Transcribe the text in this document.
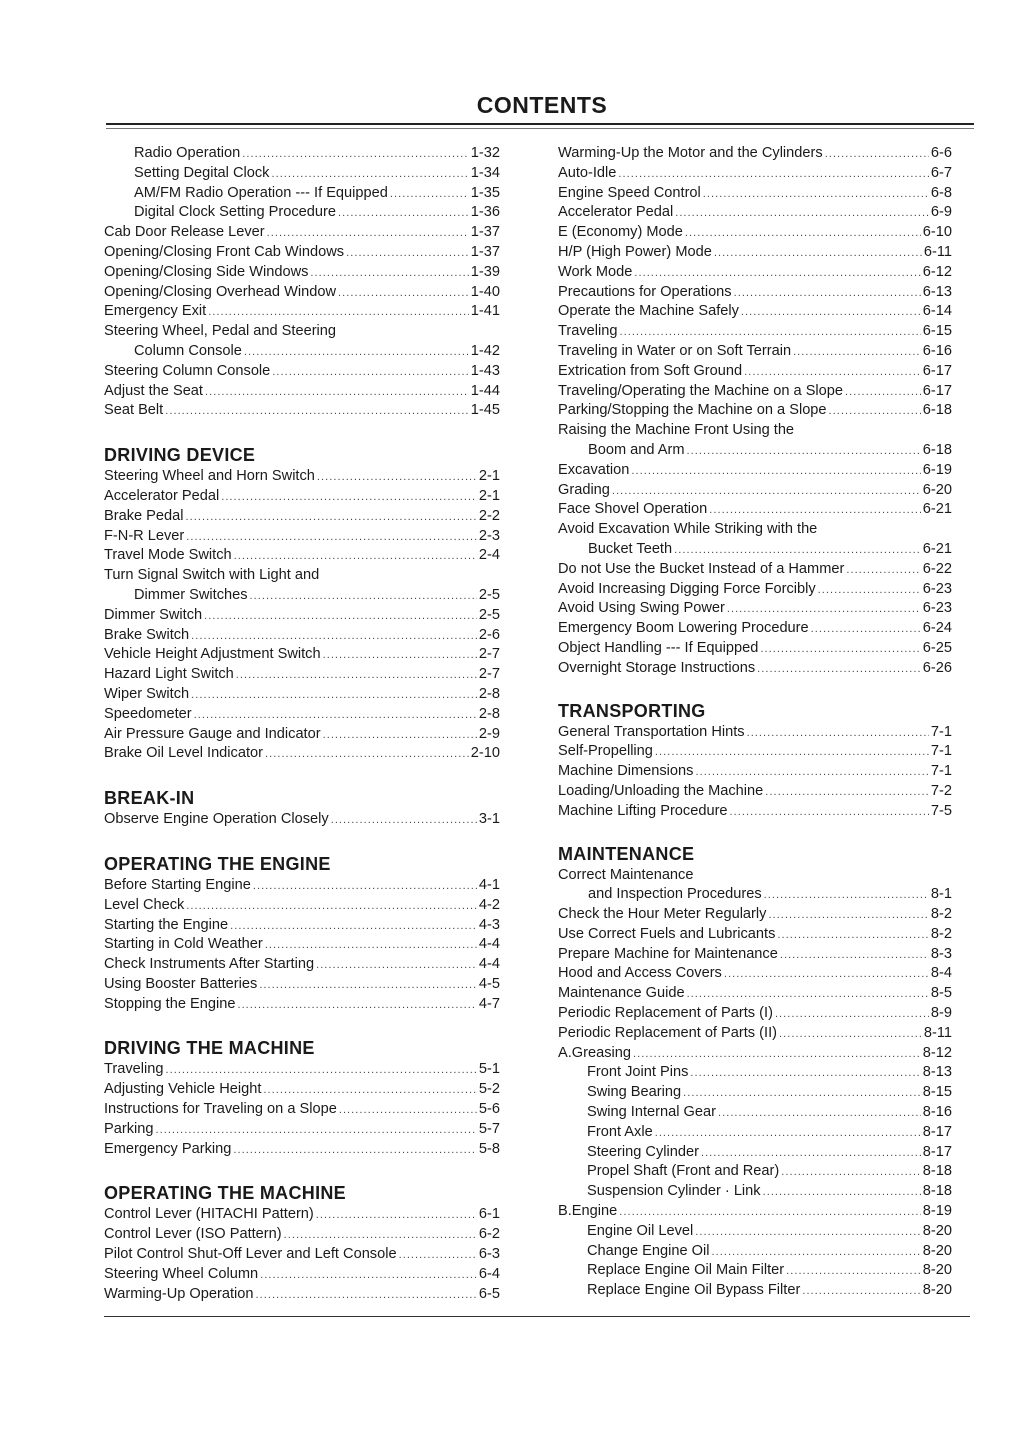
CONTENTS
Radio Operation . . .	1-32
Setting Degital Clock . . .	1-34
AM/FM Radio Operation --- If Equipped . . .	1-35
Digital Clock Setting Procedure . . .	1-36
Cab Door Release Lever . . .	1-37
Opening/Closing Front Cab Windows . . .	1-37
Opening/Closing Side Windows . . .	1-39
Opening/Closing Overhead Window . . .	1-40
Emergency Exit . . .	1-41
Steering Wheel, Pedal and Steering
Column Console . . .	1-42
Steering Column Console . . .	1-43
Adjust the Seat . . .	1-44
Seat Belt . . .	1-45
DRIVING DEVICE
Steering Wheel and Horn Switch . . .	2-1
Accelerator Pedal . . .	2-1
Brake Pedal . . .	2-2
F-N-R Lever . . .	2-3
Travel Mode Switch . . .	2-4
Turn Signal Switch with Light and
Dimmer Switches . . .	2-5
Dimmer Switch . . .	2-5
Brake Switch . . .	2-6
Vehicle Height Adjustment Switch . . .	2-7
Hazard Light Switch . . .	2-7
Wiper Switch . . .	2-8
Speedometer . . .	2-8
Air Pressure Gauge and Indicator . . .	2-9
Brake Oil Level Indicator . . .	2-10
BREAK-IN
Observe Engine Operation Closely . . .	3-1
OPERATING THE ENGINE
Before Starting Engine . . .	4-1
Level Check . . .	4-2
Starting the Engine . . .	4-3
Starting in Cold Weather . . .	4-4
Check Instruments After Starting . . .	4-4
Using Booster Batteries . . .	4-5
Stopping the Engine . . .	4-7
DRIVING THE MACHINE
Traveling . . .	5-1
Adjusting Vehicle Height . . .	5-2
Instructions for Traveling on a Slope . . .	5-6
Parking . . .	5-7
Emergency Parking . . .	5-8
OPERATING THE MACHINE
Control Lever (HITACHI Pattern) . . .	6-1
Control Lever (ISO Pattern) . . .	6-2
Pilot Control Shut-Off Lever and Left Console . . .	6-3
Steering Wheel Column . . .	6-4
Warming-Up Operation . . .	6-5
Warming-Up the Motor and the Cylinders . . .	6-6
Auto-Idle . . .	6-7
Engine Speed Control . . .	6-8
Accelerator Pedal . . .	6-9
E (Economy) Mode . . .	6-10
H/P (High Power) Mode . . .	6-11
Work Mode . . .	6-12
Precautions for Operations . . .	6-13
Operate the Machine Safely . . .	6-14
Traveling . . .	6-15
Traveling in Water or on Soft Terrain . . .	6-16
Extrication from Soft Ground . . .	6-17
Traveling/Operating the Machine on a Slope . . .	6-17
Parking/Stopping the Machine on a Slope . . .	6-18
Raising the Machine Front Using the
Boom and Arm . . .	6-18
Excavation . . .	6-19
Grading . . .	6-20
Face Shovel Operation . . .	6-21
Avoid Excavation While Striking with the
Bucket Teeth . . .	6-21
Do not Use the Bucket Instead of a Hammer . . .	6-22
Avoid Increasing Digging Force Forcibly . . .	6-23
Avoid Using Swing Power . . .	6-23
Emergency Boom Lowering Procedure . . .	6-24
Object Handling --- If Equipped . . .	6-25
Overnight Storage Instructions . . .	6-26
TRANSPORTING
General Transportation Hints . . .	7-1
Self-Propelling . . .	7-1
Machine Dimensions . . .	7-1
Loading/Unloading the Machine . . .	7-2
Machine Lifting Procedure . . .	7-5
MAINTENANCE
Correct Maintenance
and Inspection Procedures . . .	8-1
Check the Hour Meter Regularly . . .	8-2
Use Correct Fuels and Lubricants . . .	8-2
Prepare Machine for Maintenance . . .	8-3
Hood and Access Covers . . .	8-4
Maintenance Guide . . .	8-5
Periodic Replacement of Parts (I) . . .	8-9
Periodic Replacement of Parts (II) . . .	8-11
A. Greasing . . .	8-12
Front Joint Pins . . .	8-13
Swing Bearing . . .	8-15
Swing Internal Gear . . .	8-16
Front Axle . . .	8-17
Steering Cylinder . . .	8-17
Propel Shaft (Front and Rear) . . .	8-18
Suspension Cylinder · Link . . .	8-18
B. Engine . . .	8-19
Engine Oil Level . . .	8-20
Change Engine Oil . . .	8-20
Replace Engine Oil Main Filter . . .	8-20
Replace Engine Oil Bypass Filter . . .	8-20
